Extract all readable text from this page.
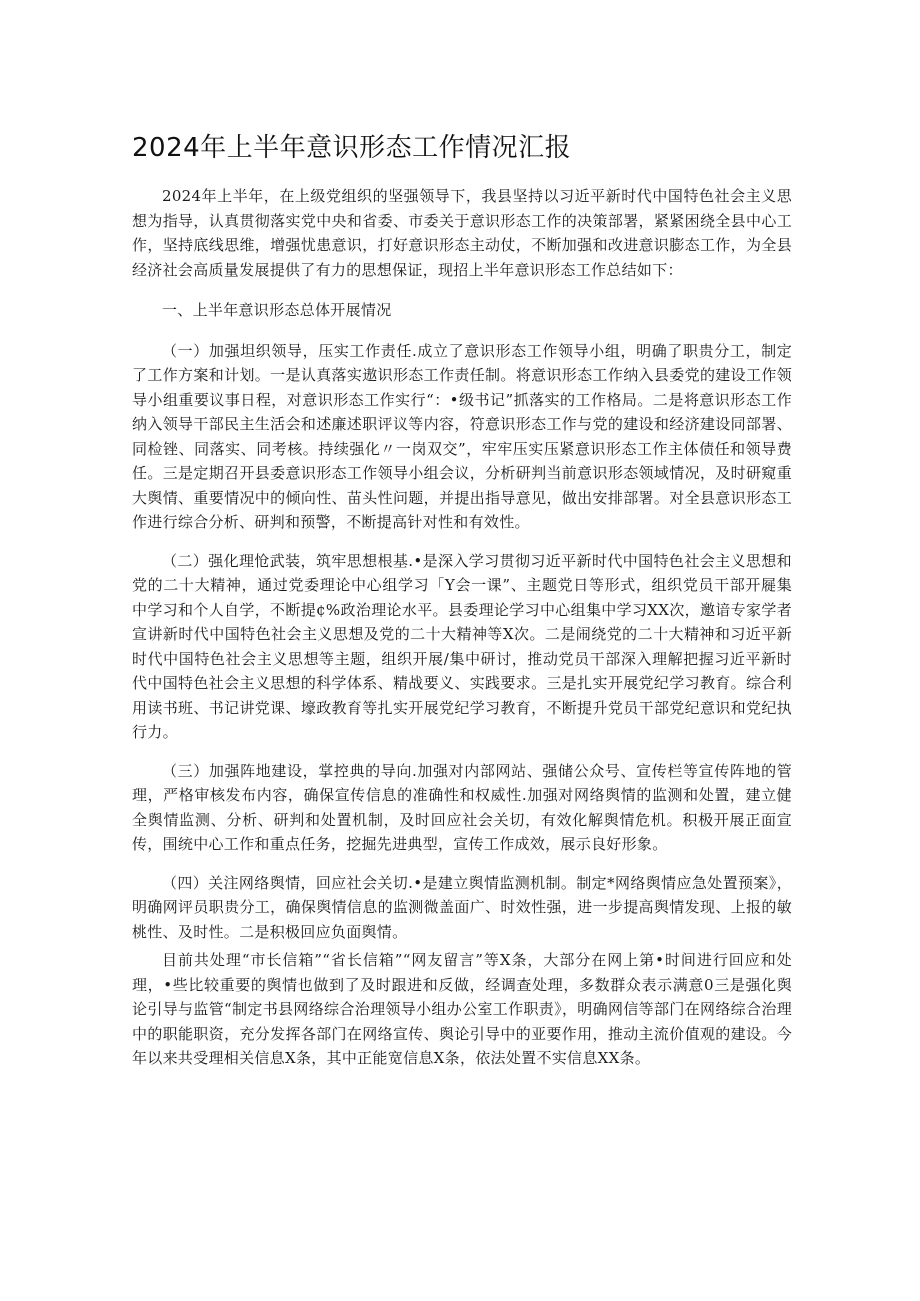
2024年上半年意识形态工作情况汇报

2024年上半年，在上级党组织的坚强领导下，我县坚持以习近平新时代中国特色社会主义思想为指导，认真贯彻落实党中央和省委、市委关于意识形态工作的决策部署，紧紧困绕全县中心工作，坚持底线思维，增强忧患意识，打好意识形态主动仗，不断加强和改进意识膨态工作，为全县经济社会高质量发展提供了有力的思想保证，现招上半年意识形态工作总结如下：

一、上半年意识形态总体开展情况

（一）加强坦织领导，压实工作责任.成立了意识形态工作领导小组，明确了职贵分工，制定了工作方案和计划。一是认真落实遨识形态工作责任制。将意识形态工作纳入县委党的建设工作领导小组重要议事日程，对意识形态工作实行“：•级书记”抓落实的工作格局。二是将意识形态工作纳入领导干部民主生活会和述廉述职评议等内容，符意识形态工作与党的建设和经济建设同部署、同检锉、同落实、同考核。持续强化〃一岗双交”，牢牢压实压紧意识形态工作主体债任和领导费任。三是定期召开县委意识形态工作领导小组会议，分析研判当前意识形态领域情况，及时研窥重大舆情、重要情况中的倾向性、苗头性问题，并提出指导意见，做出安排部署。对全县意识形态工作进行综合分析、研判和预警，不断提高针对性和有效性。

（二）强化理怆武装，筑牢思想根基.•是深入学习贯彻习近平新时代中国特色社会主义思想和党的二十大精神，通过党委理论中心组学习「Y会一课”、主题党日等形式，组织党员干部开屣集中学习和个人自学，不断提¢%政治理论水平。县委理论学习中心组集中学习XX次，邀谙专家学者宣讲新时代中国特色社会主义思想及党的二十大精神等X次。二是闹绕党的二十大精神和习近平新时代中国特色社会主义思想等主题，组织开展/集中研讨，推动党员干部深入理解把握习近平新时代中国特色社会主义思想的科学体系、精战要义、实践要求。三是扎实开展党纪学习教育。综合利用读书班、书记讲党课、壕政教育等扎实开展党纪学习教育，不断提升党员干部党纪意识和党纪执行力。

（三）加强阵地建设，掌控典的导向.加强对内部网站、强储公众号、宣传栏等宣传阵地的管理，严格审核发布内容，确保宣传信息的准确性和权威性.加强对网络舆情的监测和处置，建立健全舆情监测、分析、研判和处置机制，及时回应社会关切，有效化解舆情危机。积极开展正面宣传，围统中心工作和重点任务，挖掘先进典型，宣传工作成效，展示良好形象。

（四）关注网络舆情，回应社会关切.•是建立舆情监测机制。制定*网络舆情应急处置预案》，明确网评员职贵分工，确保舆情信息的监测微盖面广、时效性强，进一步提高舆情发现、上报的敏桃性、及时性。二是积极回应负面舆情。

目前共处理“市长信箱”“省长信箱”“网友留言”等X条，大部分在网上第•时间进行回应和处理，•些比较重要的舆情也做到了及时跟进和反做，经调查处理，多数群众表示满意0三是强化舆论引导与监管“制定书县网络综合治理领导小组办公室工作职责》，明确网信等部门在网络综合治理中的职能职资，充分发挥各部门在网络宣传、舆论引导中的亚要作用，推动主流价值观的建设。今年以来共受理相关信息X条，其中正能宽信息X条，依法处置不实信息XX条。
